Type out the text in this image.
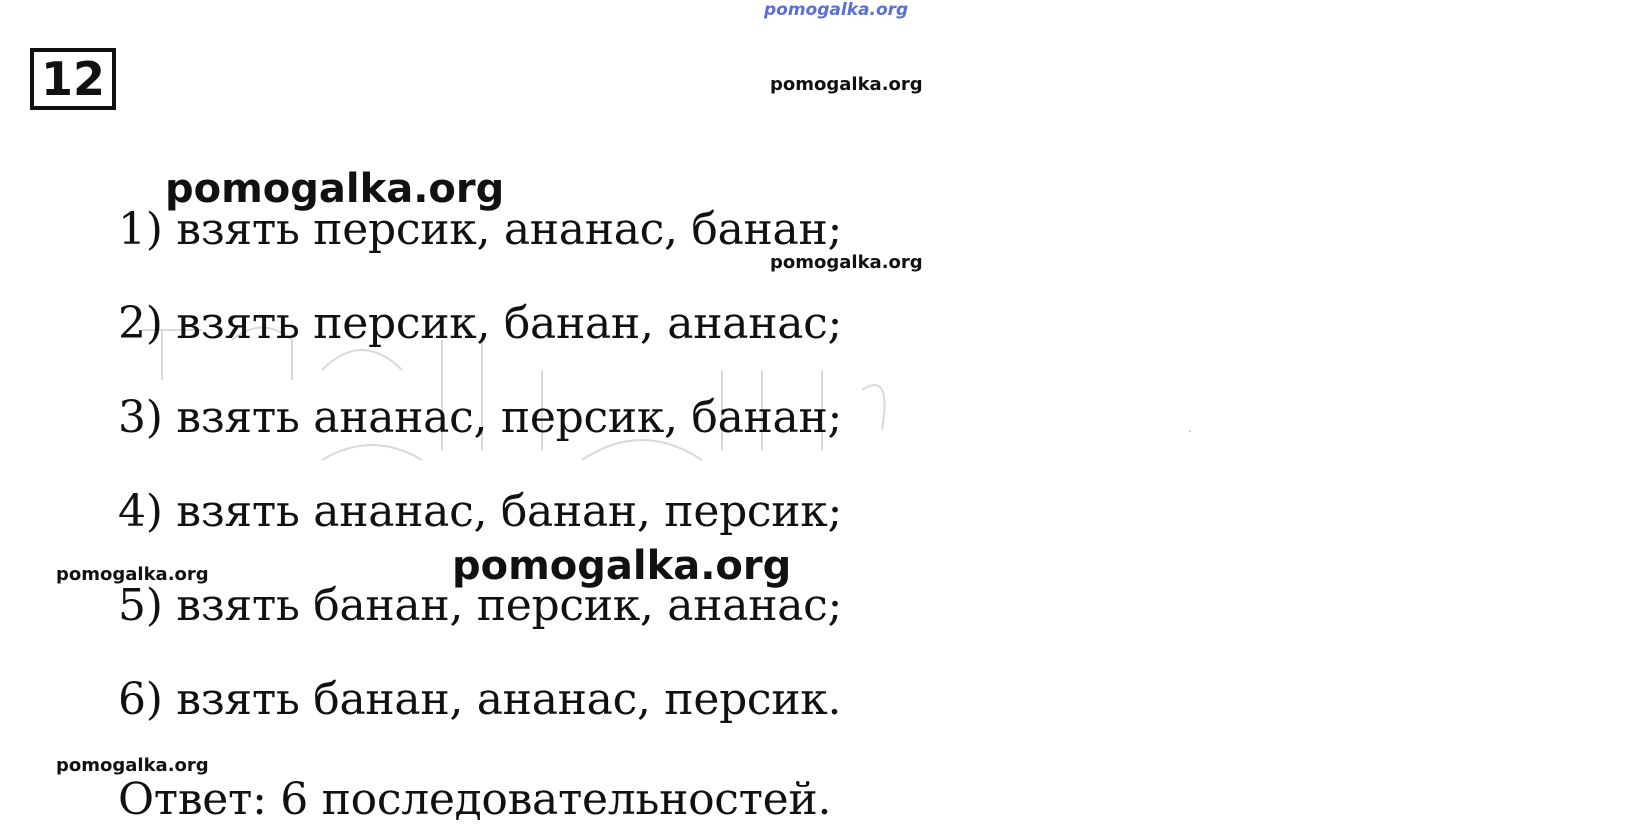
pomogalka.org
12	pomogalka.org
1) взять персик, ананас, банан;
2) взять персик, банан, ананас;
3) взять ананас, персик, банан;
4) взять ананас, банан, персик;
5) взять банан, персик, ананас;
6) взять банан, ананас, персик.
Ответ: 6 последовательностей.
pomogalka.org
pomogalka.org
pomogalka.org	pomogalka.org
pomogalka.org
